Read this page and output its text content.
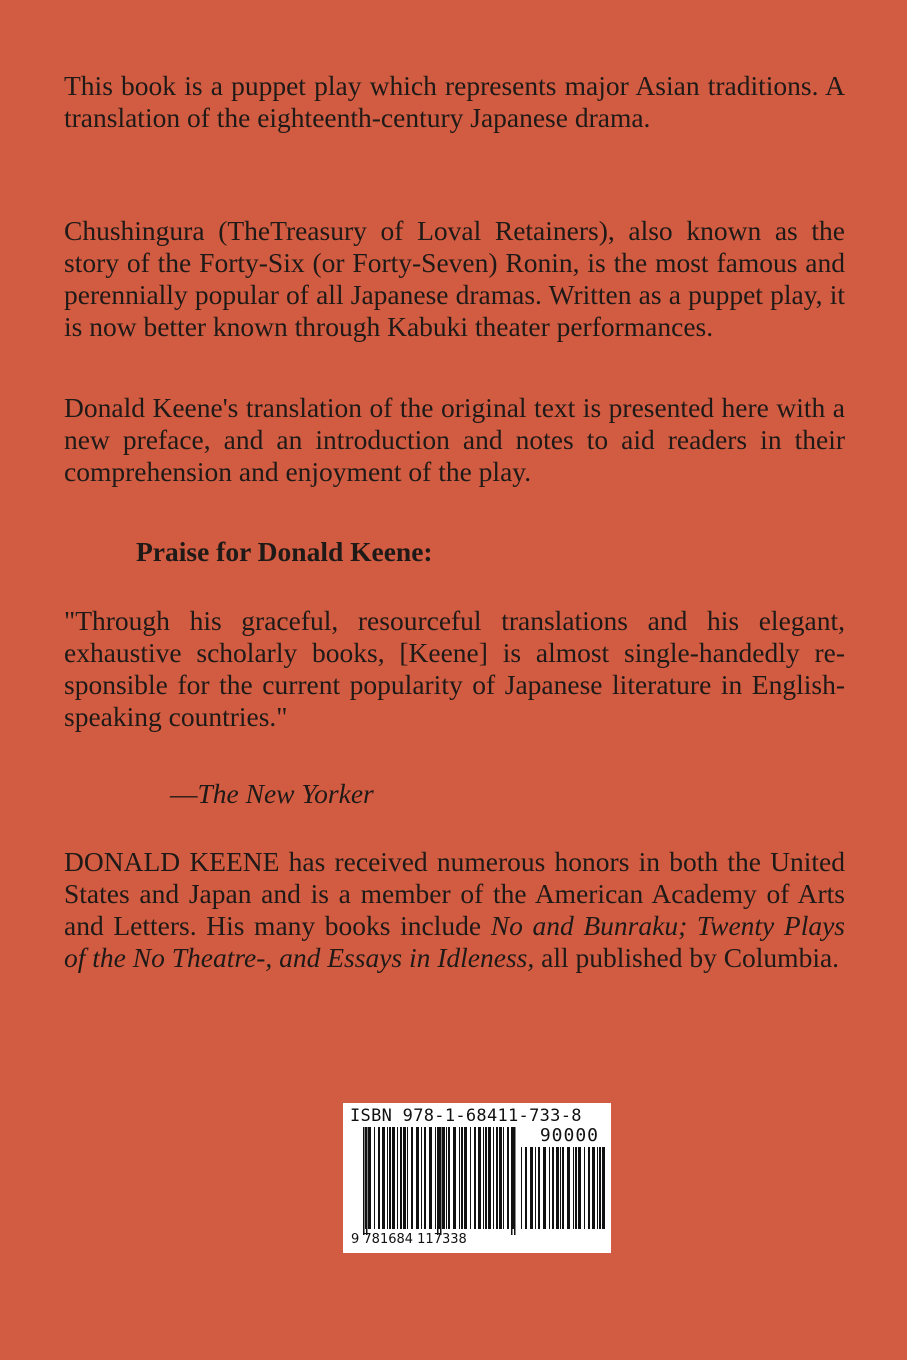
This book is a puppet play which represents major Asian traditions. A translation of the eighteenth-century Japanese drama.

Chushingura (TheTreasury of Loval Retainers), also known as the story of the Forty-Six (or Forty-Seven) Ronin, is the most famous and perennially popular of all Japanese dramas. Written as a puppet play, it is now better known through Kabuki theater performances.

Donald Keene's translation of the original text is presented here with a new preface, and an introduction and notes to aid readers in their comprehension and enjoyment of the play.

Praise for Donald Keene:

"Through his graceful, resourceful translations and his elegant, exhaustive scholarly books, [Keene] is almost single-handedly responsible for the current popularity of Japanese literature in English-speaking countries."

—The New Yorker

DONALD KEENE has received numerous honors in both the United States and Japan and is a member of the American Academy of Arts and Letters. His many books include No and Bunraku; Twenty Plays of the No Theatre-, and Essays in Idleness, all published by Columbia.

ISBN 978-1-68411-733-8
90000
9 781684 117338
